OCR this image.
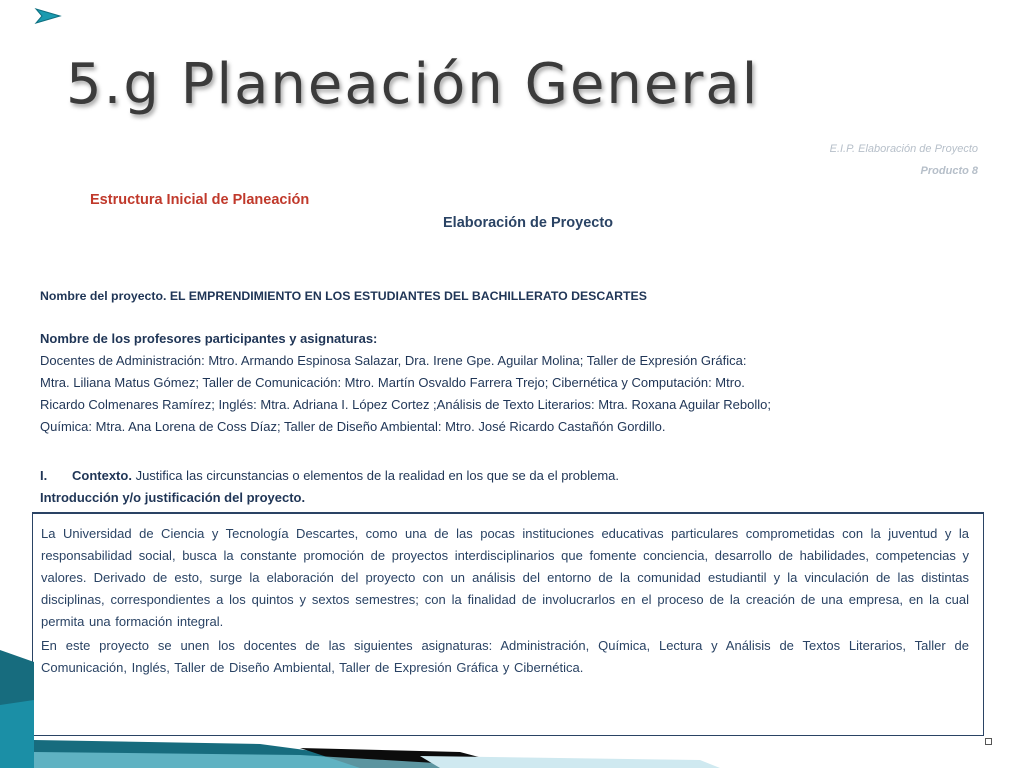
5.g Planeación General
E.I.P. Elaboración de Proyecto
Producto 8
Estructura Inicial de Planeación
Elaboración de Proyecto
Nombre del proyecto. EL EMPRENDIMIENTO EN LOS ESTUDIANTES DEL BACHILLERATO DESCARTES
Nombre de los profesores participantes y asignaturas:
Docentes de Administración: Mtro. Armando Espinosa Salazar, Dra. Irene Gpe. Aguilar Molina; Taller de Expresión Gráfica:
Mtra. Liliana Matus Gómez; Taller de Comunicación: Mtro. Martín Osvaldo Farrera Trejo; Cibernética y Computación: Mtro.
Ricardo Colmenares Ramírez; Inglés: Mtra. Adriana I. López Cortez ;Análisis de Texto Literarios: Mtra. Roxana Aguilar Rebollo;
Química: Mtra. Ana Lorena de Coss Díaz; Taller de Diseño Ambiental: Mtro. José Ricardo Castañón Gordillo.
I. Contexto. Justifica las circunstancias o elementos de la realidad en los que se da el problema.
Introducción y/o justificación del proyecto.

La Universidad de Ciencia y Tecnología Descartes, como una de las pocas instituciones educativas particulares comprometidas con la juventud y la responsabilidad social, busca la constante promoción de proyectos interdisciplinarios que fomente conciencia, desarrollo de habilidades, competencias y valores. Derivado de esto, surge la elaboración del proyecto con un análisis del entorno de la comunidad estudiantil y la vinculación de las distintas disciplinas, correspondientes a los quintos y sextos semestres; con la finalidad de involucrarlos en el proceso de la creación de una empresa, en la cual permita una formación integral.

En este proyecto se unen los docentes de las siguientes asignaturas: Administración, Química, Lectura y Análisis de Textos Literarios, Taller de Comunicación, Inglés, Taller de Diseño Ambiental, Taller de Expresión Gráfica y Cibernética.
